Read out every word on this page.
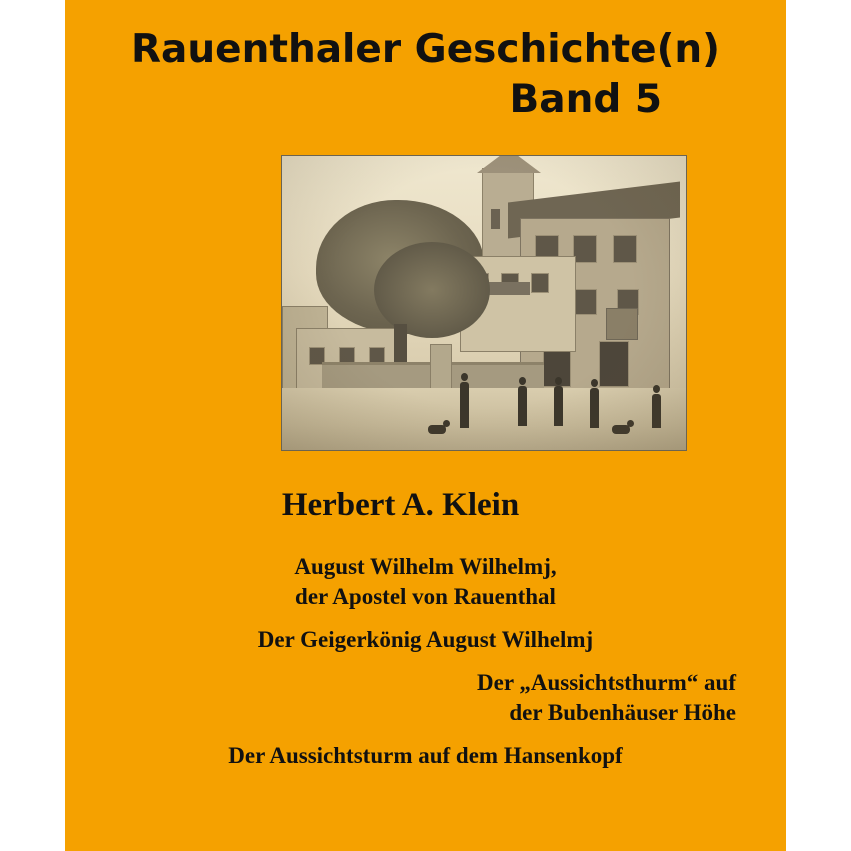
Rauenthaler Geschichte(n)
Band 5
Herbert A. Klein
August Wilhelm Wilhelmj,
der Apostel von Rauenthal
Der Geigerkönig August Wilhelmj
Der „Aussichtsthurm“ auf
der Bubenhäuser Höhe
Der Aussichtsturm auf dem Hansenkopf
